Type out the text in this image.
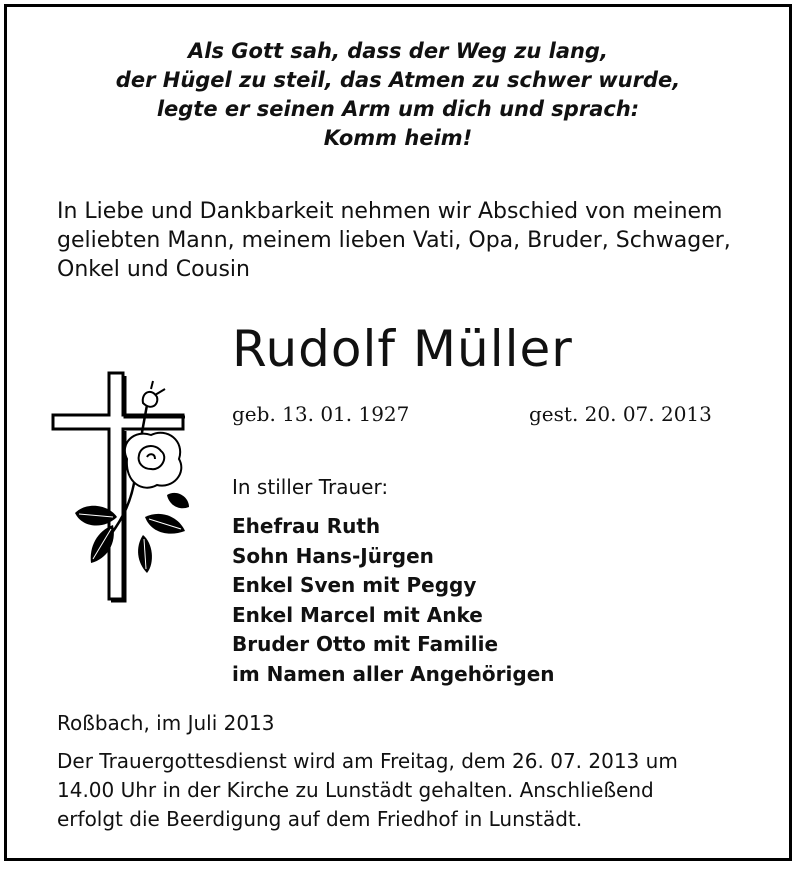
Als Gott sah, dass der Weg zu lang,
der Hügel zu steil, das Atmen zu schwer wurde,
legte er seinen Arm um dich und sprach:
Komm heim!
In Liebe und Dankbarkeit nehmen wir Abschied von meinem
geliebten Mann, meinem lieben Vati, Opa, Bruder, Schwager,
Onkel und Cousin
Rudolf Müller
geb. 13. 01. 1927	gest. 20. 07. 2013
In stiller Trauer:
Ehefrau Ruth
Sohn Hans-Jürgen
Enkel Sven mit Peggy
Enkel Marcel mit Anke
Bruder Otto mit Familie
im Namen aller Angehörigen
Roßbach, im Juli 2013
Der Trauergottesdienst wird am Freitag, dem 26. 07. 2013 um
14.00 Uhr in der Kirche zu Lunstädt gehalten. Anschließend
erfolgt die Beerdigung auf dem Friedhof in Lunstädt.
